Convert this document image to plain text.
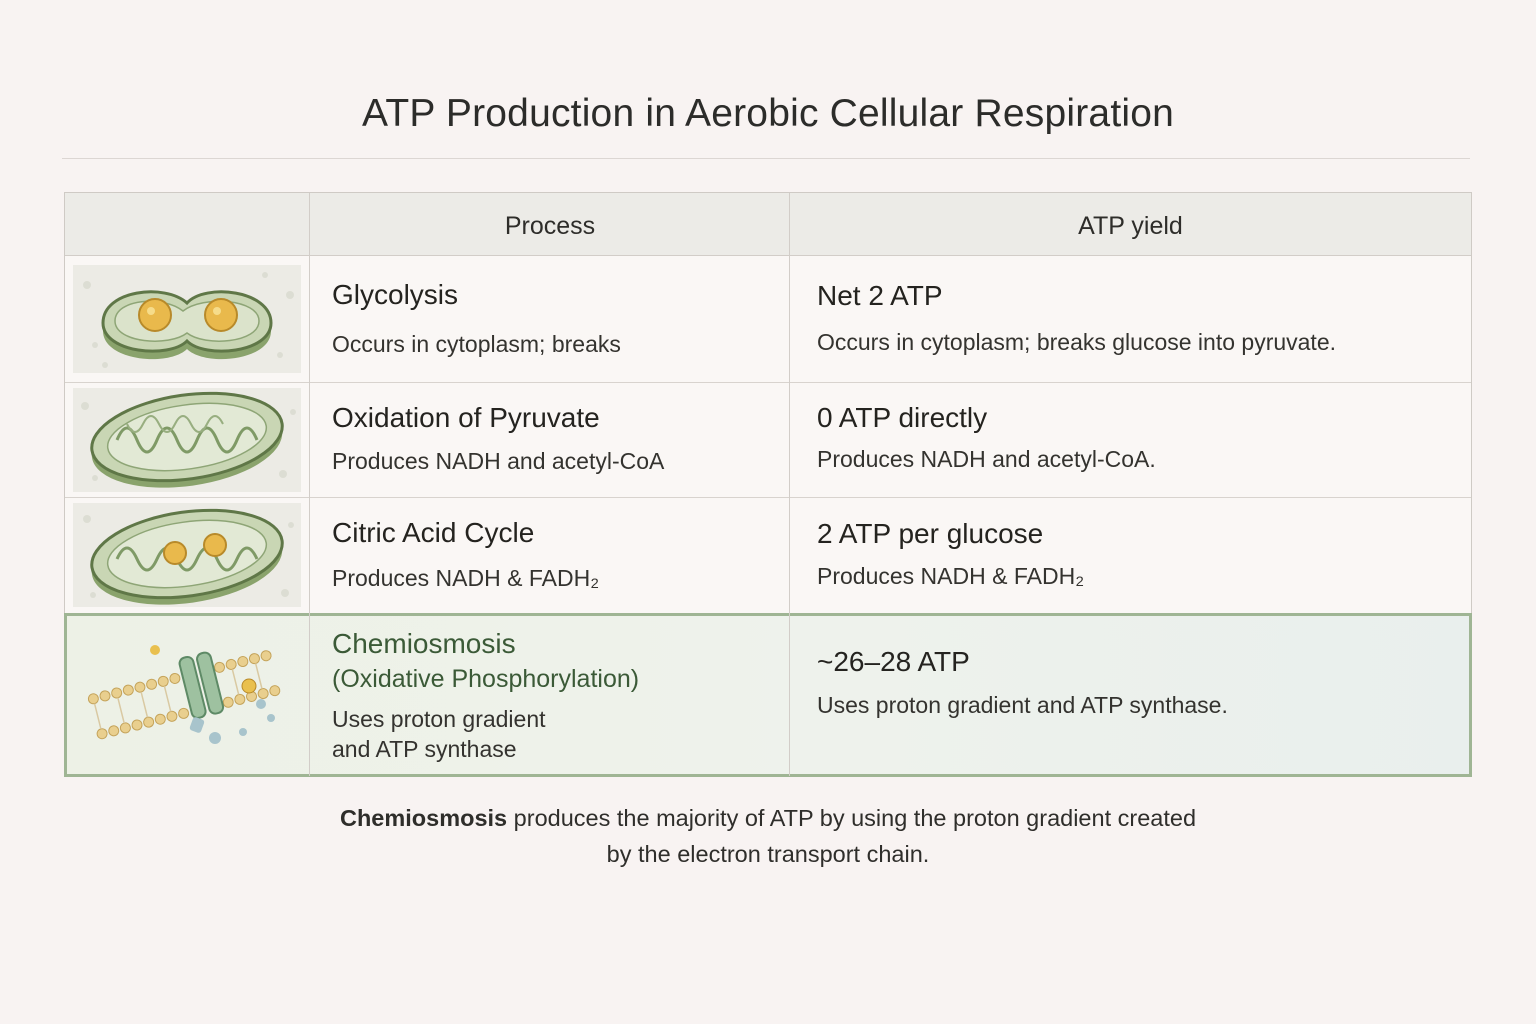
ATP Production in Aerobic Cellular Respiration
Process	ATP yield
Glycolysis
Occurs in cytoplasm; breaks
Net 2 ATP
Occurs in cytoplasm; breaks glucose into pyruvate.
Oxidation of Pyruvate
Produces NADH and acetyl-CoA
0 ATP directly
Produces NADH and acetyl-CoA.
Citric Acid Cycle
Produces NADH & FADH₂
2 ATP per glucose
Produces NADH & FADH₂
Chemiosmosis
(Oxidative Phosphorylation)
Uses proton gradient
and ATP synthase
~26–28 ATP
Uses proton gradient and ATP synthase.
Chemiosmosis produces the majority of ATP by using the proton gradient created
by the electron transport chain.
